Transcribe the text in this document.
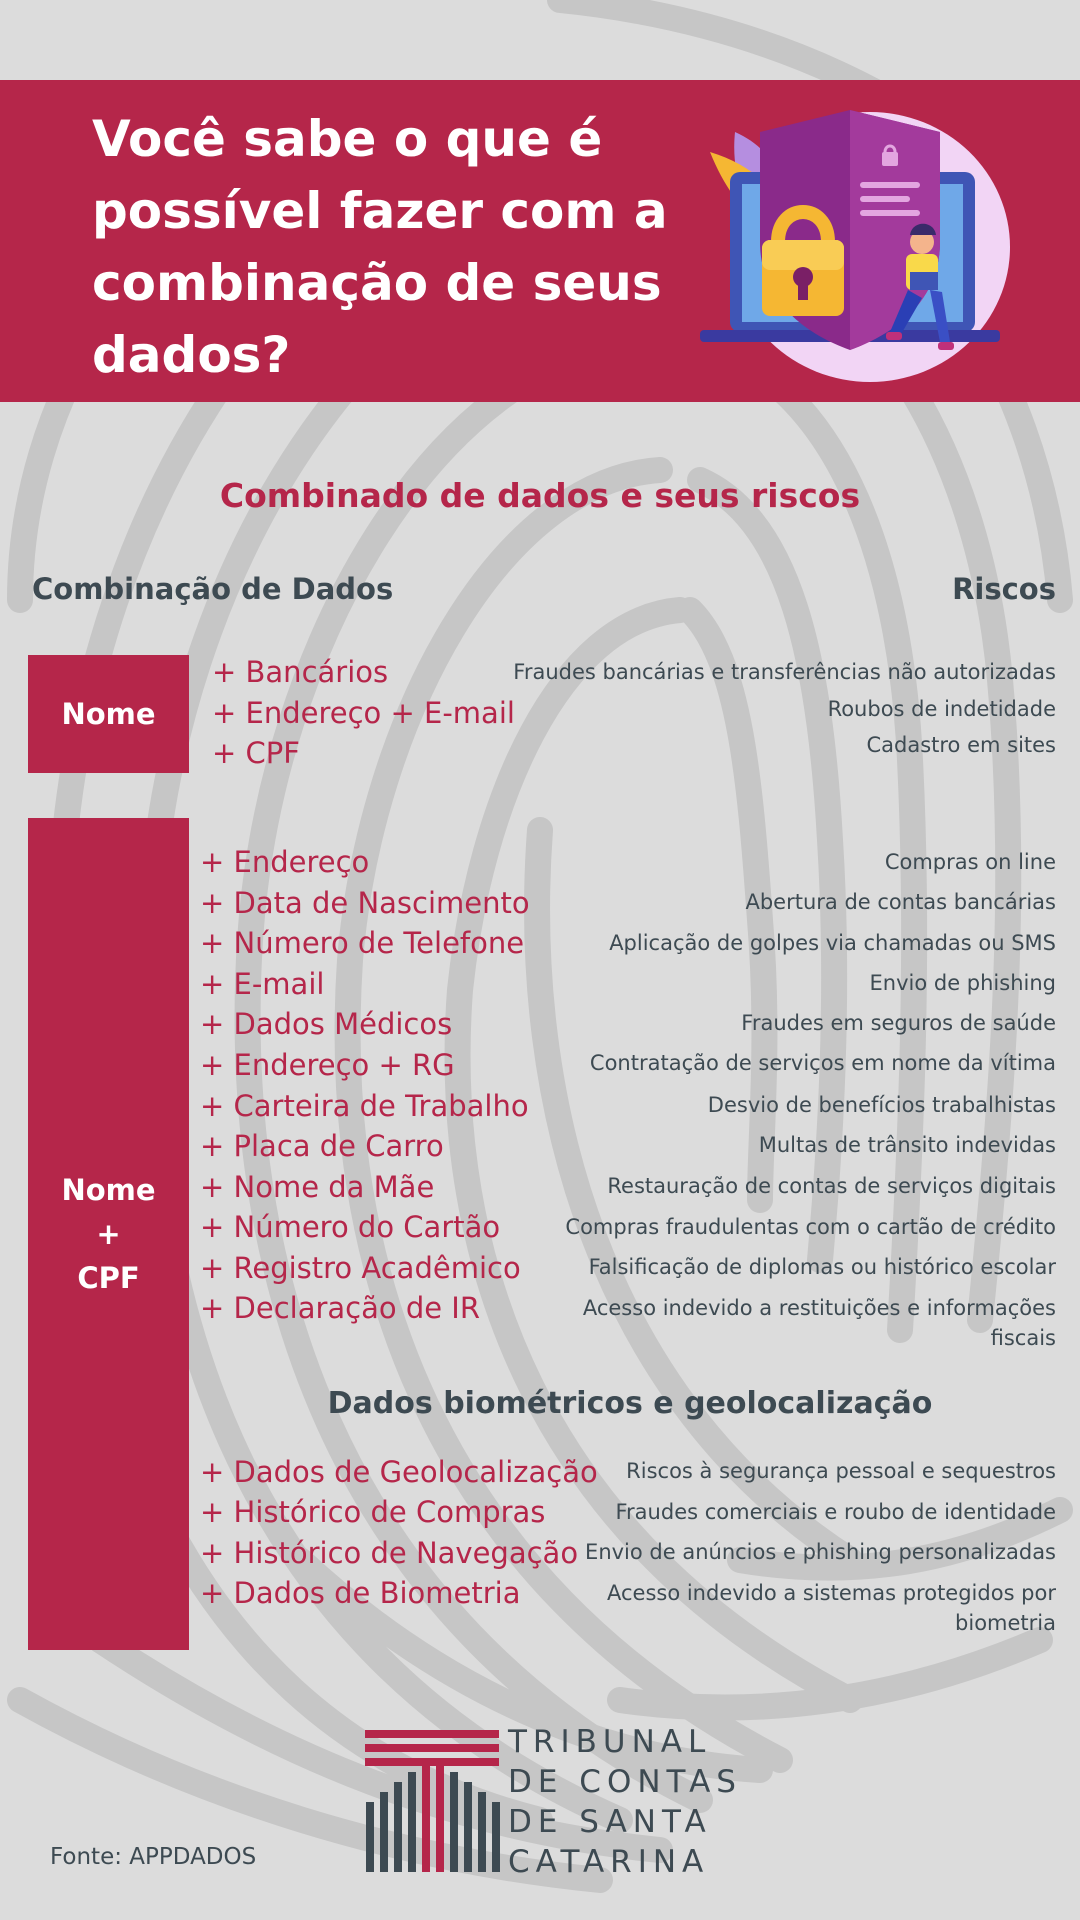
Você sabe o que é possível fazer com a combinação de seus dados?
Combinado de dados e seus riscos
Combinação de Dados	Riscos
Nome
+ Bancários
+ Endereço + E-mail
+ CPF
Fraudes bancárias e transferências não autorizadas
Roubos de indetidade
Cadastro em sites
Nome
+
CPF
+ Endereço
+ Data de Nascimento
+ Número de Telefone
+ E-mail
+ Dados Médicos
+ Endereço + RG
+ Carteira de Trabalho
+ Placa de Carro
+ Nome da Mãe
+ Número do Cartão
+ Registro Acadêmico
+ Declaração de IR
Compras on line
Abertura de contas bancárias
Aplicação de golpes via chamadas ou SMS
Envio de phishing
Fraudes em seguros de saúde
Contratação de serviços em nome da vítima
Desvio de benefícios trabalhistas
Multas de trânsito indevidas
Restauração de contas de serviços digitais
Compras fraudulentas com o cartão de crédito
Falsificação de diplomas ou histórico escolar
Acesso indevido a restituições e informações fiscais
Dados biométricos e geolocalização
+ Dados de Geolocalização
+ Histórico de Compras
+ Histórico de Navegação
+ Dados de Biometria
Riscos à segurança pessoal e sequestros
Fraudes comerciais e roubo de identidade
Envio de anúncios e phishing personalizadas
Acesso indevido a sistemas protegidos por biometria
Fonte: APPDADOS
TRIBUNAL
DE CONTAS
DE SANTA
CATARINA
